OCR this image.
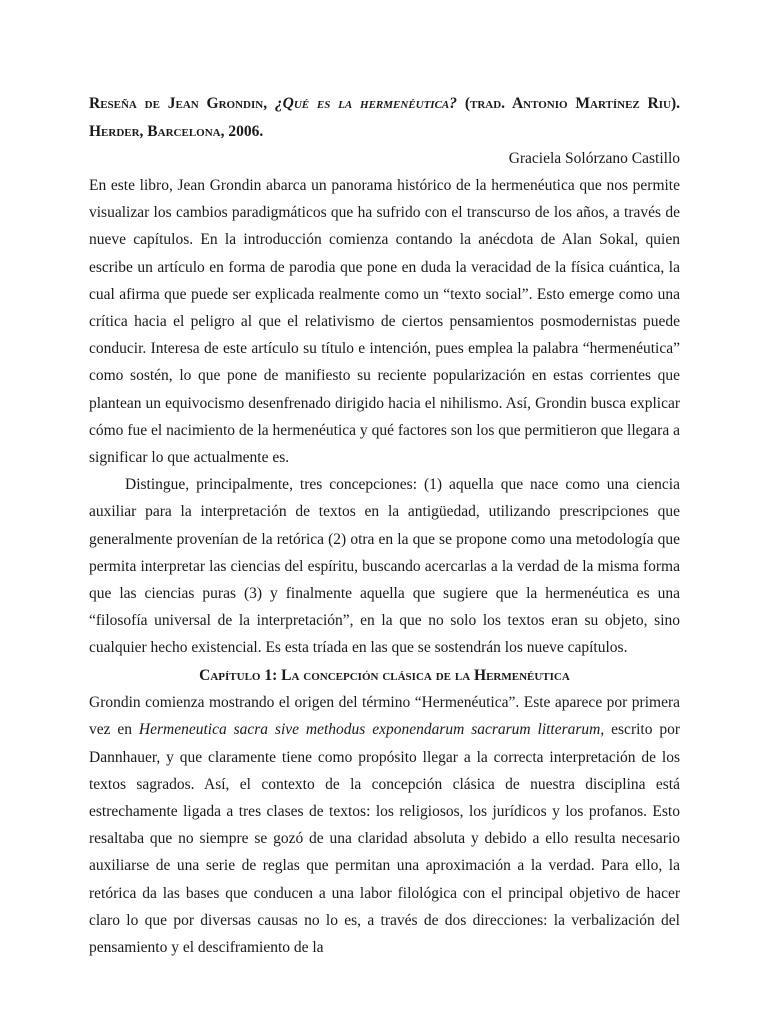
Reseña de Jean Grondin, ¿Qué es la hermenéutica? (trad. Antonio Martínez Riu). Herder, Barcelona, 2006.

Graciela Solórzano Castillo

En este libro, Jean Grondin abarca un panorama histórico de la hermenéutica que nos permite visualizar los cambios paradigmáticos que ha sufrido con el transcurso de los años, a través de nueve capítulos. En la introducción comienza contando la anécdota de Alan Sokal, quien escribe un artículo en forma de parodia que pone en duda la veracidad de la física cuántica, la cual afirma que puede ser explicada realmente como un “texto social”. Esto emerge como una crítica hacia el peligro al que el relativismo de ciertos pensamientos posmodernistas puede conducir. Interesa de este artículo su título e intención, pues emplea la palabra “hermenéutica” como sostén, lo que pone de manifiesto su reciente popularización en estas corrientes que plantean un equivocismo desenfrenado dirigido hacia el nihilismo. Así, Grondin busca explicar cómo fue el nacimiento de la hermenéutica y qué factores son los que permitieron que llegara a significar lo que actualmente es.

Distingue, principalmente, tres concepciones: (1) aquella que nace como una ciencia auxiliar para la interpretación de textos en la antigüedad, utilizando prescripciones que generalmente provenían de la retórica (2) otra en la que se propone como una metodología que permita interpretar las ciencias del espíritu, buscando acercarlas a la verdad de la misma forma que las ciencias puras (3) y finalmente aquella que sugiere que la hermenéutica es una “filosofía universal de la interpretación”, en la que no solo los textos eran su objeto, sino cualquier hecho existencial. Es esta tríada en las que se sostendrán los nueve capítulos.

Capítulo 1: La concepción clásica de la Hermenéutica

Grondin comienza mostrando el origen del término “Hermenéutica”. Este aparece por primera vez en Hermeneutica sacra sive methodus exponendarum sacrarum litterarum, escrito por Dannhauer, y que claramente tiene como propósito llegar a la correcta interpretación de los textos sagrados. Así, el contexto de la concepción clásica de nuestra disciplina está estrechamente ligada a tres clases de textos: los religiosos, los jurídicos y los profanos. Esto resaltaba que no siempre se gozó de una claridad absoluta y debido a ello resulta necesario auxiliarse de una serie de reglas que permitan una aproximación a la verdad. Para ello, la retórica da las bases que conducen a una labor filológica con el principal objetivo de hacer claro lo que por diversas causas no lo es, a través de dos direcciones: la verbalización del pensamiento y el desciframiento de la
